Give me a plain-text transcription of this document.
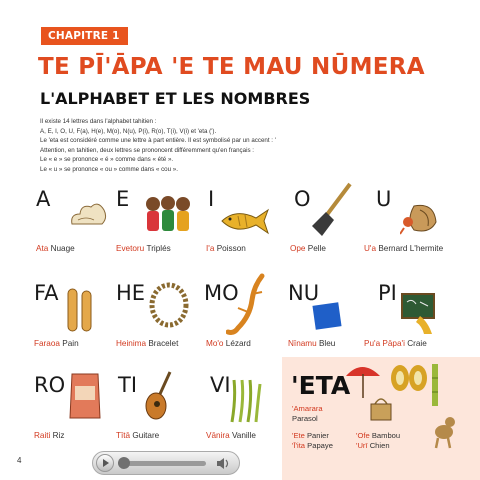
CHAPITRE 1
TE PĪ'ĀPA 'E TE MAU NŪMERA
L'ALPHABET ET LES NOMBRES
Il existe 14 lettres dans l'alphabet tahitien :
A, E, I, O, U, F(a), H(e), M(o), N(u), P(i), R(o), T(i), V(i) et 'eta (').
Le 'eta est considéré comme une lettre à part entière. Il est symbolisé par un accent : '
Attention, en tahitien, deux lettres se prononcent différemment qu'en français :
Le « e » se prononce « é » comme dans « été ».
Le « u » se prononce « ou » comme dans « cou ».
A
Ata Nuage
E
Evetoru Triplés
I
I'a Poisson
O
Ope Pelle
U
U'a Bernard L'hermite
FA
Faraoa Pain
HE
Heinima Bracelet
MO
Mo'o Lézard
NU
Nīnamu Bleu
PI
Pu'a Pāpa'i Craie
RO
Raiti Riz
TI
Tītā Guitare
VI
Vānira Vanille
'ETA
'Amarara
Parasol
'Ete Panier
'Ī'ita Papaye
'Ofe Bambou
'Urī Chien
4
